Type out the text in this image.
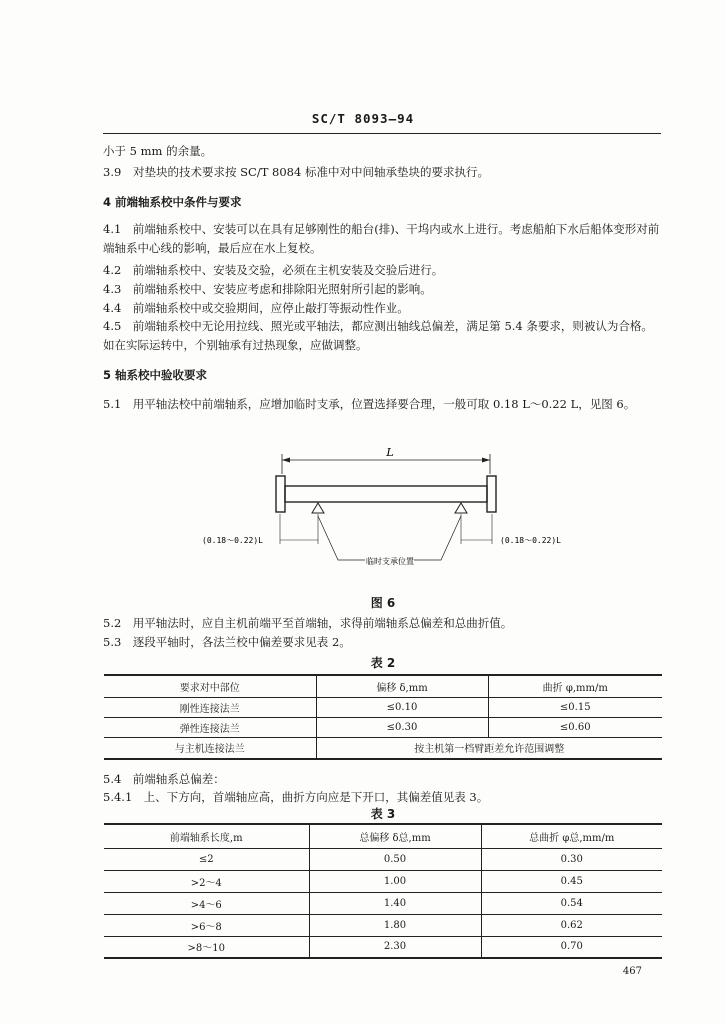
SC/T 8093—94
小于 5 mm 的余量。
3.9 对垫块的技术要求按 SC/T 8084 标准中对中间轴承垫块的要求执行。
4 前端轴系校中条件与要求
4.1　前端轴系校中、安装可以在具有足够刚性的船台(排)、干坞内或水上进行。考虑船舶下水后船体变形对前端轴系中心线的影响，最后应在水上复校。
4.2　前端轴系校中、安装及交验，必须在主机安装及交验后进行。
4.3　前端轴系校中、安装应考虑和排除阳光照射所引起的影响。
4.4　前端轴系校中或交验期间，应停止敲打等振动性作业。
4.5　前端轴系校中无论用拉线、照光或平轴法，都应测出轴线总偏差，满足第 5.4 条要求，则被认为合格。如在实际运转中，个别轴承有过热现象，应做调整。
5 轴系校中验收要求
5.1　用平轴法校中前端轴系，应增加临时支承，位置选择要合理，一般可取 0.18 L～0.22 L，见图 6。
L
(0.18～0.22)L	(0.18～0.22)L
临时支承位置
图 6
5.2　用平轴法时，应自主机前端平至首端轴，求得前端轴系总偏差和总曲折值。
5.3　逐段平轴时，各法兰校中偏差要求见表 2。
表 2
要求对中部位	偏移 δ,mm	曲折 φ,mm/m
刚性连接法兰	≤0.10	≤0.15
弹性连接法兰	≤0.30	≤0.60
与主机连接法兰	按主机第一档臂距差允许范围调整	
5.4　前端轴系总偏差：
5.4.1　上、下方向，首端轴应高，曲折方向应是下开口，其偏差值见表 3。
表 3
前端轴系长度,m	总偏移 δ总,mm	总曲折 φ总,mm/m
≤2	0.50	0.30
>2～4	1.00	0.45
>4～6	1.40	0.54
>6～8	1.80	0.62
>8～10	2.30	0.70
467
